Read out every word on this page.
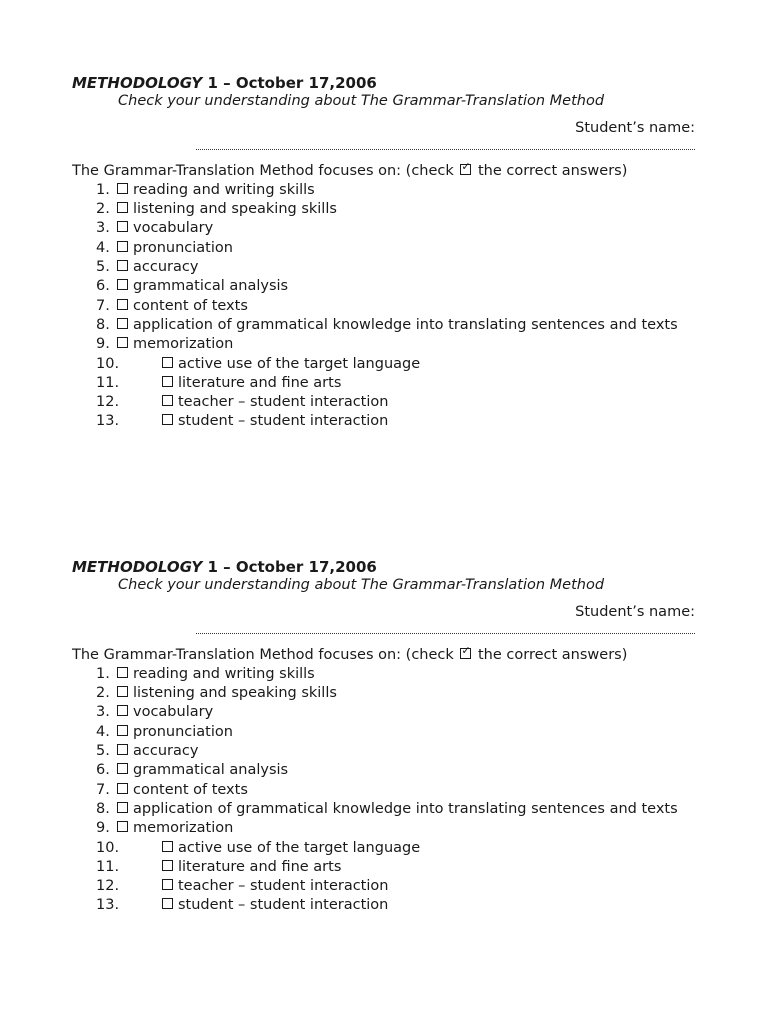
METHODOLOGY 1 – October 17,2006
Check your understanding about The Grammar-Translation Method
Student’s name:
The Grammar-Translation Method focuses on: (check ✓ the correct answers)
1. reading and writing skills
2. listening and speaking skills
3. vocabulary
4. pronunciation
5. accuracy
6. grammatical analysis
7. content of texts
8. application of grammatical knowledge into translating sentences and texts
9. memorization
10.	active use of the target language
11.	literature and fine arts
12.	teacher – student interaction
13.	student – student interaction
METHODOLOGY 1 – October 17,2006
Check your understanding about The Grammar-Translation Method
Student’s name:
The Grammar-Translation Method focuses on: (check ✓ the correct answers)
1. reading and writing skills
2. listening and speaking skills
3. vocabulary
4. pronunciation
5. accuracy
6. grammatical analysis
7. content of texts
8. application of grammatical knowledge into translating sentences and texts
9. memorization
10.	active use of the target language
11.	literature and fine arts
12.	teacher – student interaction
13.	student – student interaction
